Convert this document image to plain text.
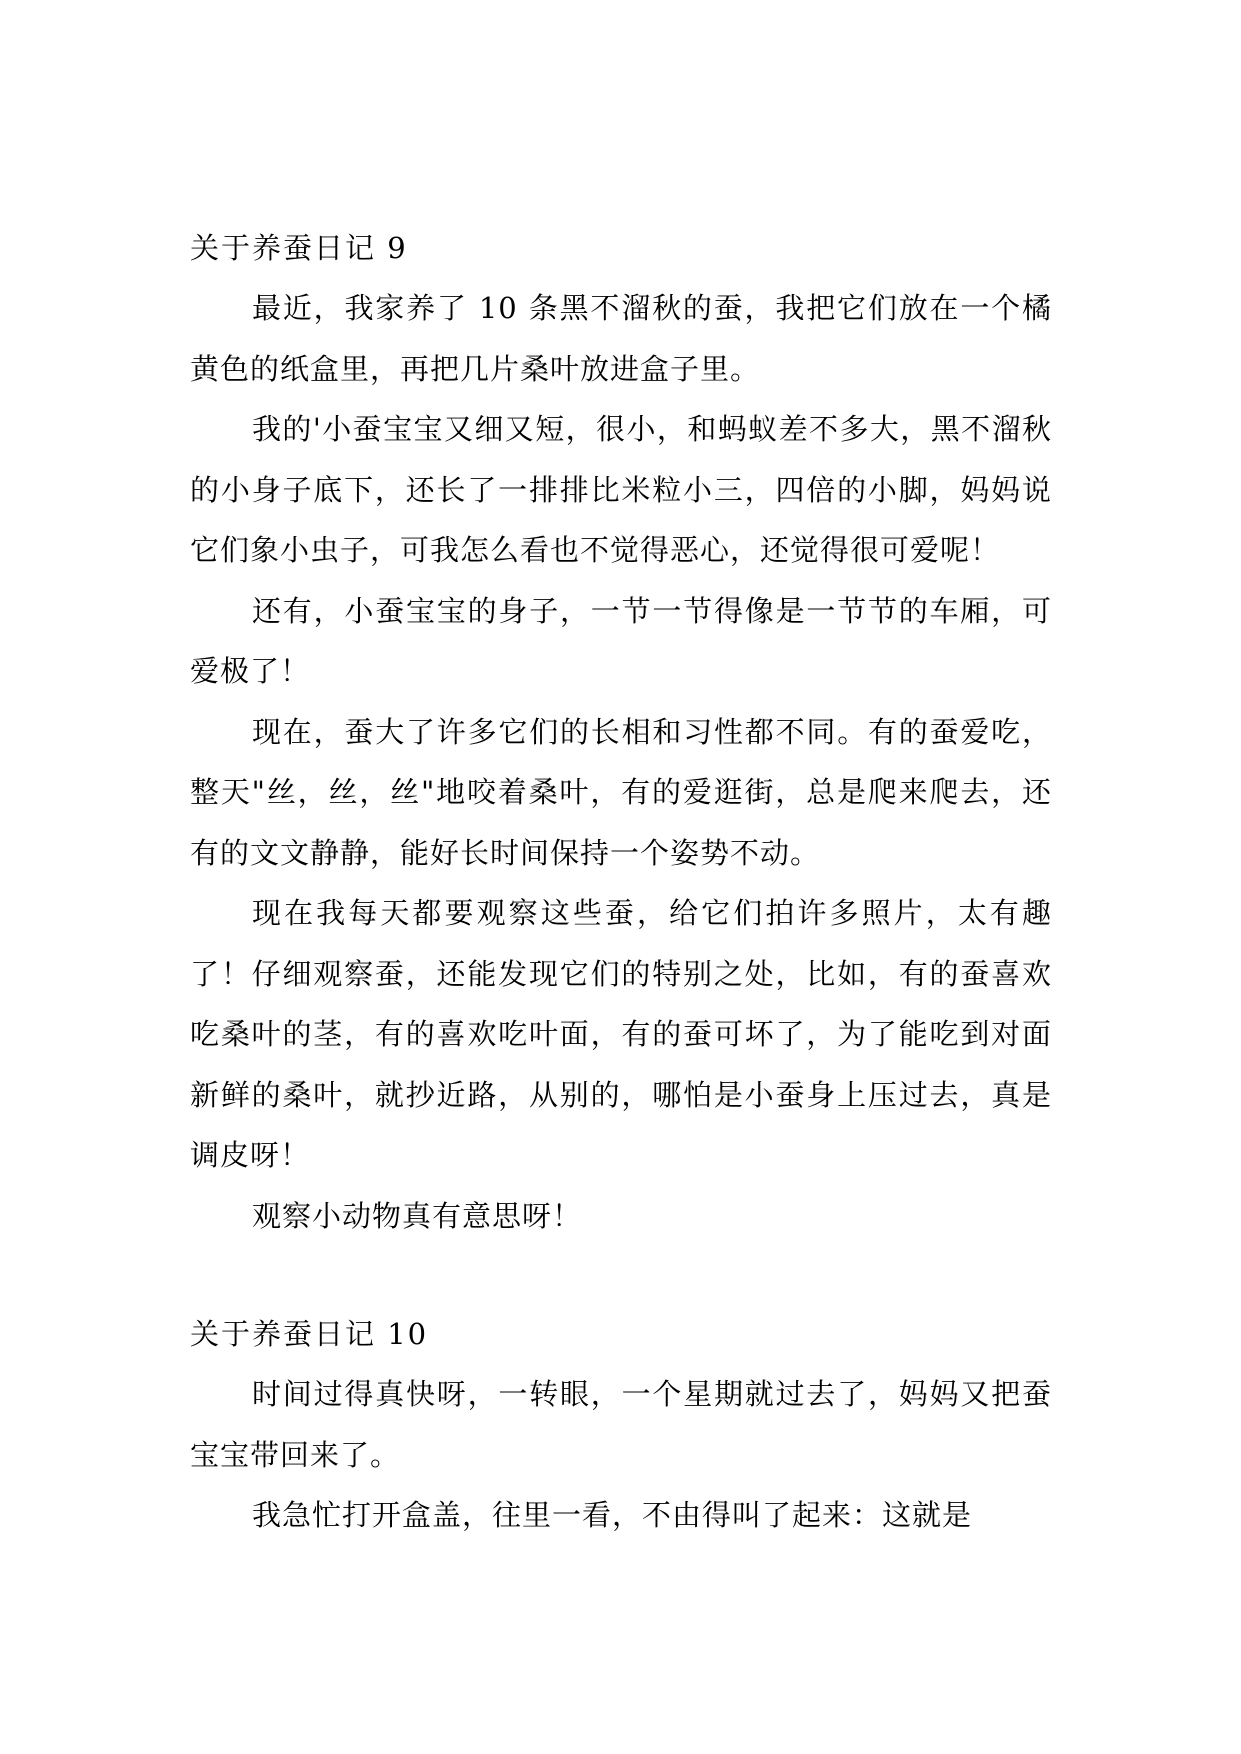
关于养蚕日记 9

最近，我家养了 10 条黑不溜秋的蚕，我把它们放在一个橘黄色的纸盒里，再把几片桑叶放进盒子里。

我的'小蚕宝宝又细又短，很小，和蚂蚁差不多大，黑不溜秋的小身子底下，还长了一排排比米粒小三，四倍的小脚，妈妈说它们象小虫子，可我怎么看也不觉得恶心，还觉得很可爱呢！

还有，小蚕宝宝的身子，一节一节得像是一节节的车厢，可爱极了！

现在，蚕大了许多它们的长相和习性都不同。有的蚕爱吃，整天"丝，丝，丝"地咬着桑叶，有的爱逛街，总是爬来爬去，还有的文文静静，能好长时间保持一个姿势不动。

现在我每天都要观察这些蚕，给它们拍许多照片，太有趣了！仔细观察蚕，还能发现它们的特别之处，比如，有的蚕喜欢吃桑叶的茎，有的喜欢吃叶面，有的蚕可坏了，为了能吃到对面新鲜的桑叶，就抄近路，从别的，哪怕是小蚕身上压过去，真是调皮呀！

观察小动物真有意思呀！

关于养蚕日记 10

时间过得真快呀，一转眼，一个星期就过去了，妈妈又把蚕宝宝带回来了。

我急忙打开盒盖，往里一看，不由得叫了起来：这就是
